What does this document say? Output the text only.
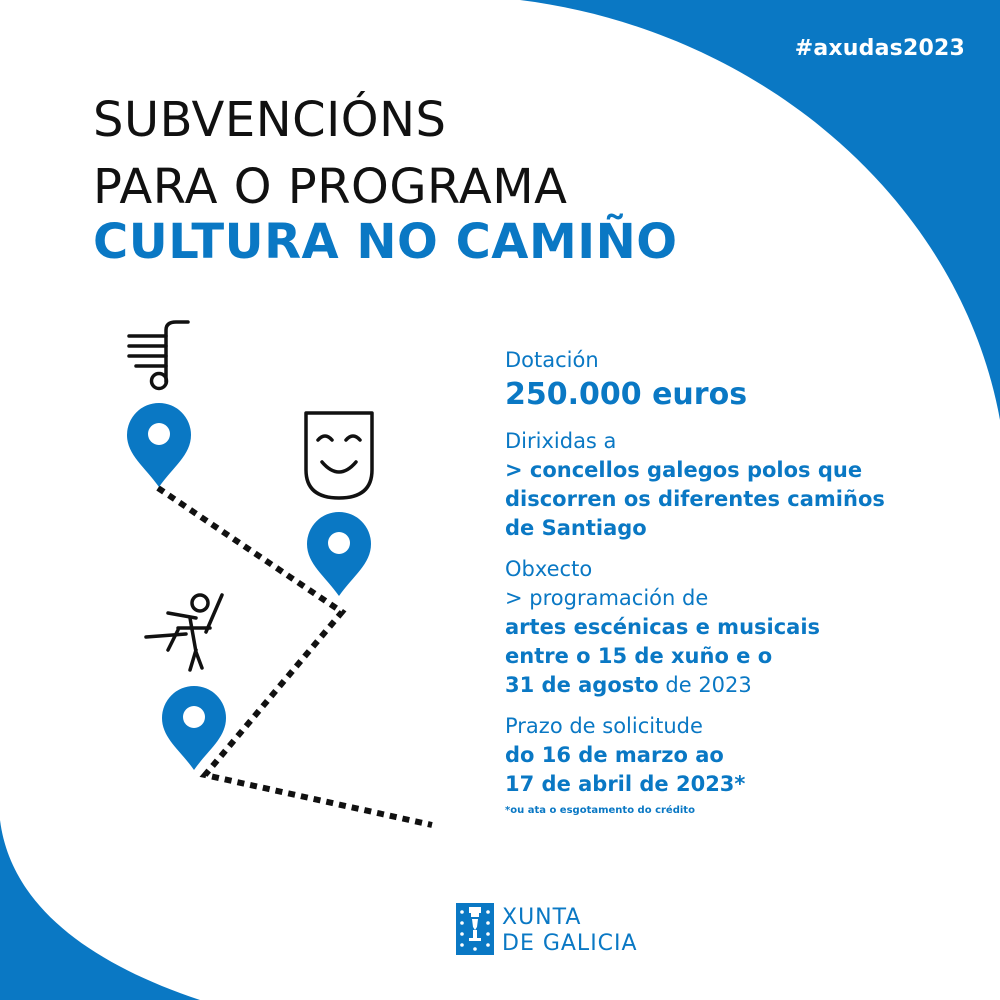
#axudas2023
SUBVENCIÓNS
PARA O PROGRAMA
CULTURA NO CAMIÑO
Dotación
250.000 euros
Dirixidas a
> concellos galegos polos que
discorren os diferentes camiños
de Santiago
Obxecto
> programación de
artes escénicas e musicais
entre o 15 de xuño e o
31 de agosto de 2023
Prazo de solicitude
do 16 de marzo ao
17 de abril de 2023*
*ou ata o esgotamento do crédito
XUNTA
DE GALICIA
